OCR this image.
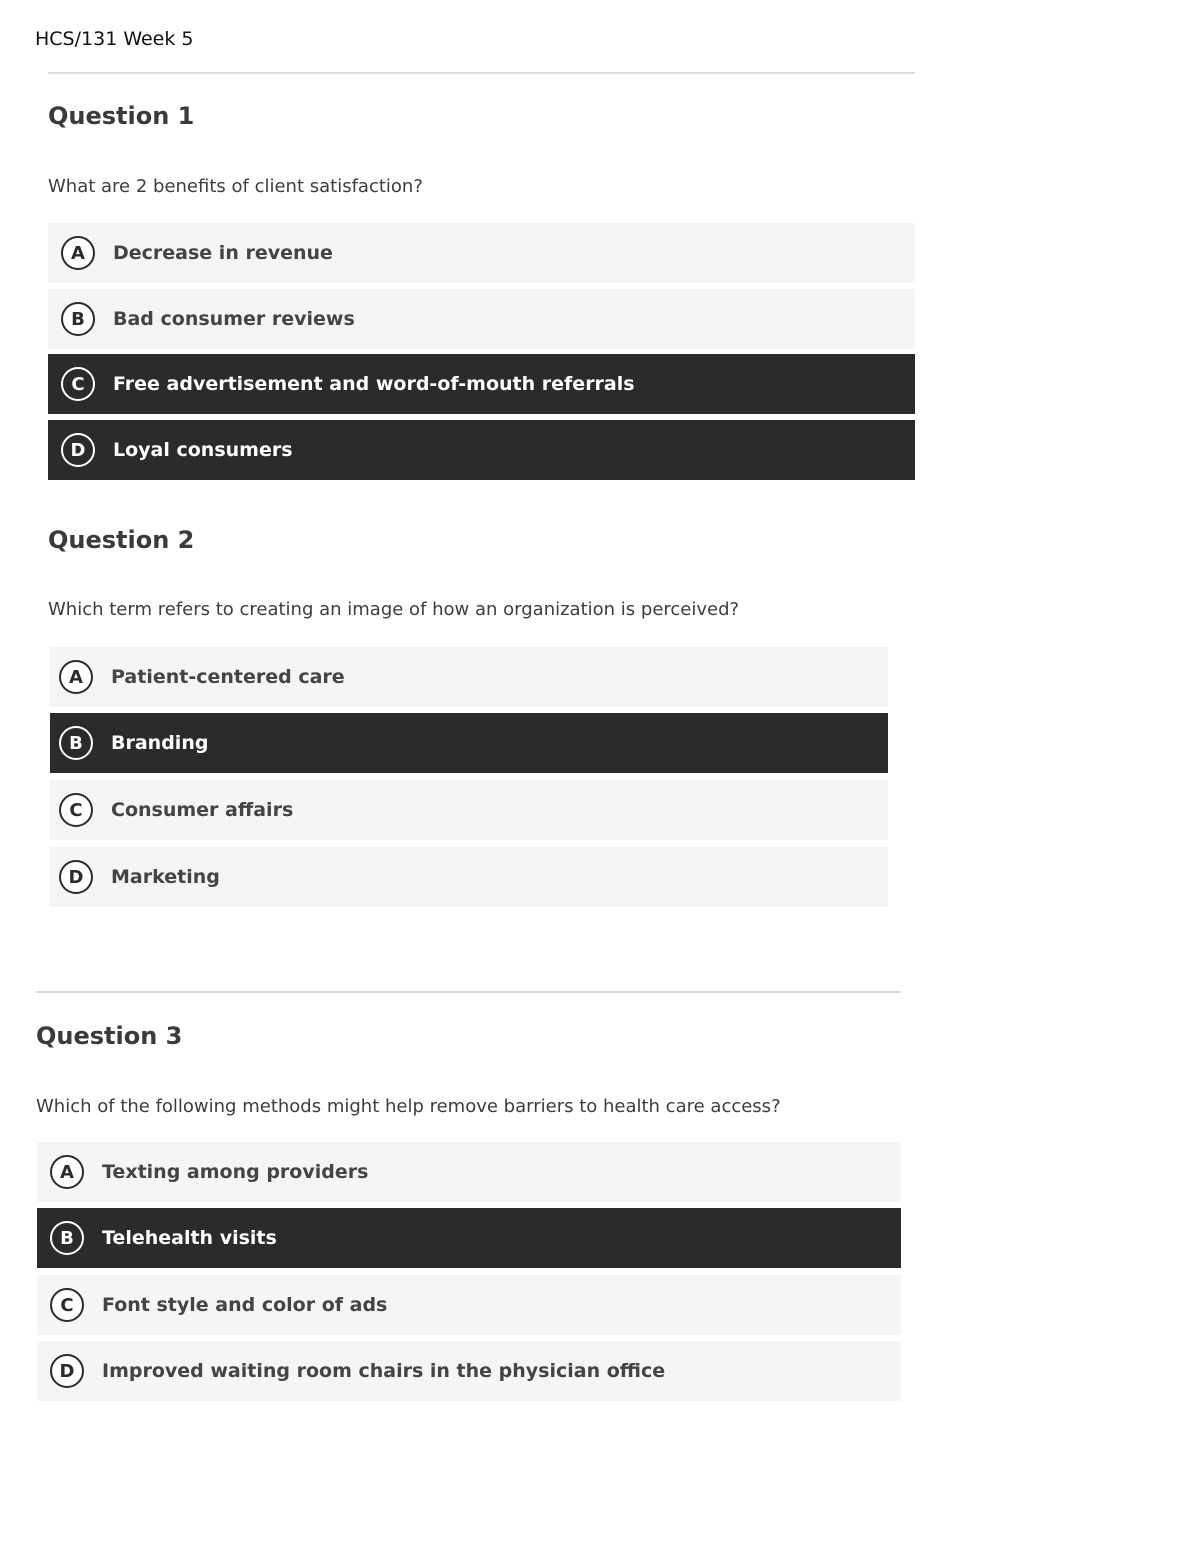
HCS/131 Week 5
Question 1
What are 2 benefits of client satisfaction?
A	Decrease in revenue
B	Bad consumer reviews
C	Free advertisement and word-of-mouth referrals
D	Loyal consumers
Question 2
Which term refers to creating an image of how an organization is perceived?
A	Patient-centered care
B	Branding
C	Consumer affairs
D	Marketing
Question 3
Which of the following methods might help remove barriers to health care access?
A	Texting among providers
B	Telehealth visits
C	Font style and color of ads
D	Improved waiting room chairs in the physician office
